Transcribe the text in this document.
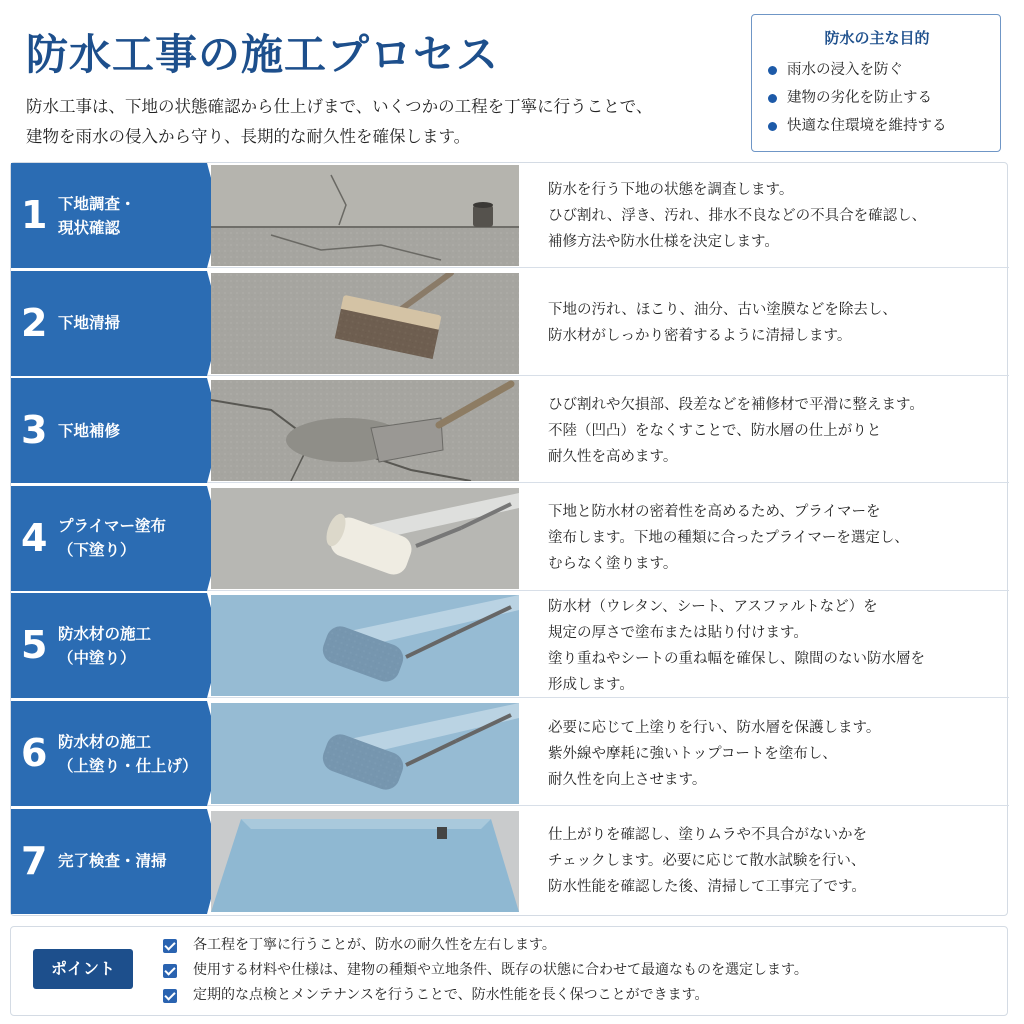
防水工事の施工プロセス
防水工事は、下地の状態確認から仕上げまで、いくつかの工程を丁寧に行うことで、
建物を雨水の侵入から守り、長期的な耐久性を確保します。
防水の主な目的
雨水の浸入を防ぐ
建物の劣化を防止する
快適な住環境を維持する
1 下地調査・
現状確認
防水を行う下地の状態を調査します。
ひび割れ、浮き、汚れ、排水不良などの不具合を確認し、
補修方法や防水仕様を決定します。
2 下地清掃
下地の汚れ、ほこり、油分、古い塗膜などを除去し、
防水材がしっかり密着するように清掃します。
3 下地補修
ひび割れや欠損部、段差などを補修材で平滑に整えます。
不陸（凹凸）をなくすことで、防水層の仕上がりと
耐久性を高めます。
4 プライマー塗布
（下塗り）
下地と防水材の密着性を高めるため、プライマーを
塗布します。下地の種類に合ったプライマーを選定し、
むらなく塗ります。
5 防水材の施工
（中塗り）
防水材（ウレタン、シート、アスファルトなど）を
規定の厚さで塗布または貼り付けます。
塗り重ねやシートの重ね幅を確保し、隙間のない防水層を
形成します。
6 防水材の施工
（上塗り・仕上げ）
必要に応じて上塗りを行い、防水層を保護します。
紫外線や摩耗に強いトップコートを塗布し、
耐久性を向上させます。
7 完了検査・清掃
仕上がりを確認し、塗りムラや不具合がないかを
チェックします。必要に応じて散水試験を行い、
防水性能を確認した後、清掃して工事完了です。
ポイント
各工程を丁寧に行うことが、防水の耐久性を左右します。
使用する材料や仕様は、建物の種類や立地条件、既存の状態に合わせて最適なものを選定します。
定期的な点検とメンテナンスを行うことで、防水性能を長く保つことができます。
